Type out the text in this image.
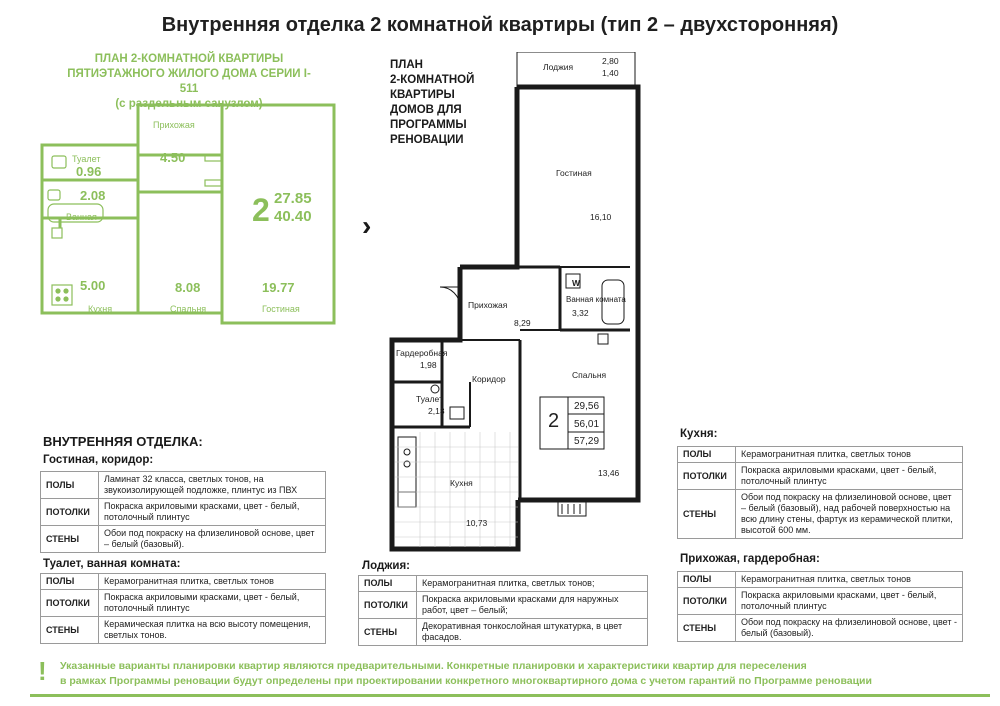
Внутренняя отделка 2 комнатной квартиры (тип 2 – двухсторонняя)
ПЛАН 2-КОМНАТНОЙ КВАРТИРЫ
ПЯТИЭТАЖНОГО ЖИЛОГО ДОМА СЕРИИ I-511
(с раздельным санузлом)
Прихожая
4.50
Туалет
0.96
2.08
Ванная	2 27.85
40.40
5.00
Кухня
8.08
Спальня
19.77
Гостиная
›
ПЛАН
2-КОМНАТНОЙ
КВАРТИРЫ
ДОМОВ ДЛЯ
ПРОГРАММЫ
РЕНОВАЦИИ
Лоджия
2,80
1,40
Гостиная
16,10
W
Ванная комната
3,32
Прихожая
8,29
Гардеробная
1,98
Коридор
Туалет
2,13
Спальня
2
29,56
56,01
57,29
13,46
Кухня
10,73
ВНУТРЕННЯЯ ОТДЕЛКА:
Гостиная, коридор:
ПОЛЫ	Ламинат 32 класса, светлых тонов, на звукоизолирующей подложке, плинтус из ПВХ
ПОТОЛКИ	Покраска акриловыми красками, цвет - белый, потолочный плинтус
СТЕНЫ	Обои под покраску на флизелиновой основе, цвет – белый (базовый).
Туалет, ванная комната:
ПОЛЫ	Керамогранитная плитка, светлых тонов
ПОТОЛКИ	Покраска акриловыми красками, цвет - белый, потолочный плинтус
СТЕНЫ	Керамическая плитка на всю высоту помещения, светлых тонов.
Лоджия:
ПОЛЫ	Керамогранитная плитка, светлых тонов;
ПОТОЛКИ	Покраска акриловыми красками для наружных работ, цвет – белый;
СТЕНЫ	Декоративная тонкослойная штукатурка, в цвет фасадов.
Кухня:
ПОЛЫ	Керамогранитная плитка, светлых тонов
ПОТОЛКИ	Покраска акриловыми красками, цвет - белый, потолочный плинтус
СТЕНЫ	Обои под покраску на флизелиновой основе, цвет – белый (базовый), над рабочей поверхностью на всю длину стены, фартук из керамической плитки, высотой 600 мм.
Прихожая, гардеробная:
ПОЛЫ	Керамогранитная плитка, светлых тонов
ПОТОЛКИ	Покраска акриловыми красками, цвет - белый, потолочный плинтус
СТЕНЫ	Обои под покраску на флизелиновой основе, цвет - белый (базовый).
! Указанные варианты планировки квартир являются предварительными. Конкретные планировки и характеристики квартир для переселения
в рамках Программы реновации будут определены при проектировании конкретного многоквартирного дома с учетом гарантий по Программе реновации
